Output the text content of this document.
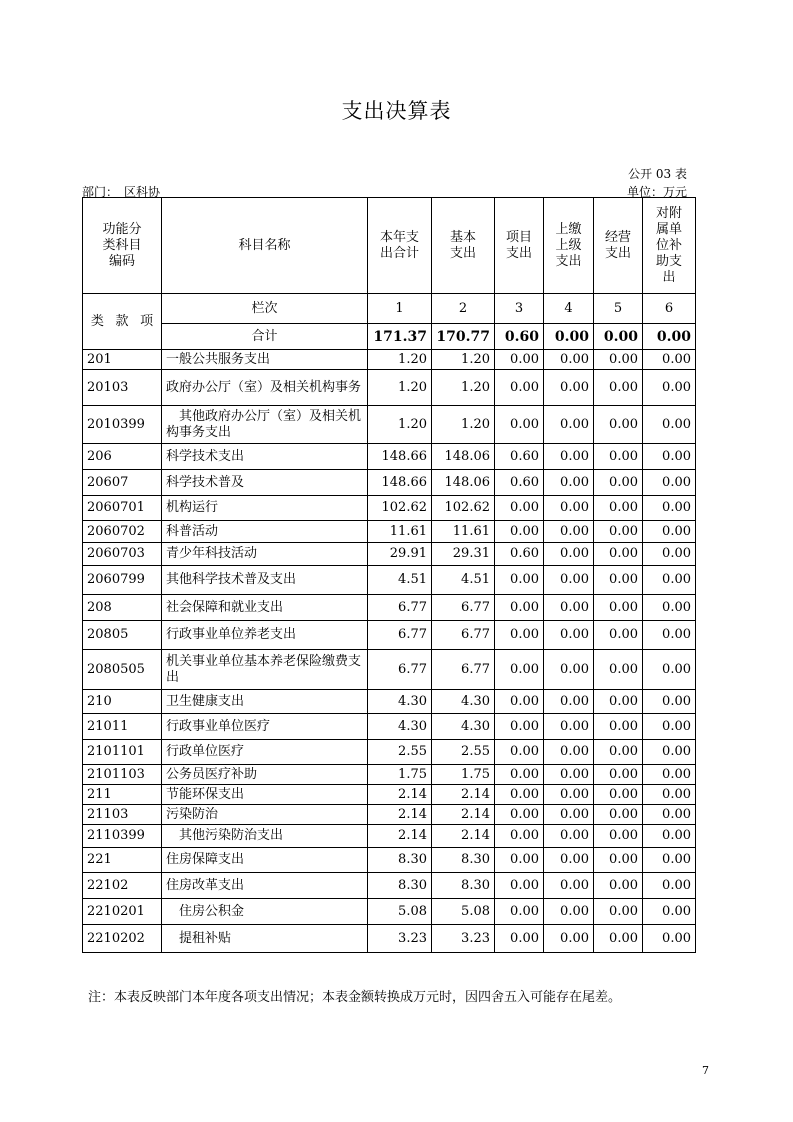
支出决算表
公开 03 表
部门：　区科协	单位：万元
功能分类科目编码	科目名称	本年支出合计	基本支出	项目支出	上缴上级支出	经营支出	对附属单位补助支出

类 款 项	栏次	1	2	3	4	5	6
	合计	171.37	170.77	0.60	0.00	0.00	0.00
201	一般公共服务支出	1.20	1.20	0.00	0.00	0.00	0.00
20103	政府办公厅（室）及相关机构事务	1.20	1.20	0.00	0.00	0.00	0.00
2010399	　其他政府办公厅（室）及相关机构事务支出	1.20	1.20	0.00	0.00	0.00	0.00
206	科学技术支出	148.66	148.06	0.60	0.00	0.00	0.00
20607	科学技术普及	148.66	148.06	0.60	0.00	0.00	0.00
2060701	机构运行	102.62	102.62	0.00	0.00	0.00	0.00
2060702	科普活动	11.61	11.61	0.00	0.00	0.00	0.00
2060703	青少年科技活动	29.91	29.31	0.60	0.00	0.00	0.00
2060799	其他科学技术普及支出	4.51	4.51	0.00	0.00	0.00	0.00
208	社会保障和就业支出	6.77	6.77	0.00	0.00	0.00	0.00
20805	行政事业单位养老支出	6.77	6.77	0.00	0.00	0.00	0.00
2080505	机关事业单位基本养老保险缴费支出	6.77	6.77	0.00	0.00	0.00	0.00
210	卫生健康支出	4.30	4.30	0.00	0.00	0.00	0.00
21011	行政事业单位医疗	4.30	4.30	0.00	0.00	0.00	0.00
2101101	行政单位医疗	2.55	2.55	0.00	0.00	0.00	0.00
2101103	公务员医疗补助	1.75	1.75	0.00	0.00	0.00	0.00
211	节能环保支出	2.14	2.14	0.00	0.00	0.00	0.00
21103	污染防治	2.14	2.14	0.00	0.00	0.00	0.00
2110399	　其他污染防治支出	2.14	2.14	0.00	0.00	0.00	0.00
221	住房保障支出	8.30	8.30	0.00	0.00	0.00	0.00
22102	住房改革支出	8.30	8.30	0.00	0.00	0.00	0.00
2210201	　住房公积金	5.08	5.08	0.00	0.00	0.00	0.00
2210202	　提租补贴	3.23	3.23	0.00	0.00	0.00	0.00
注：本表反映部门本年度各项支出情况；本表金额转换成万元时，因四舍五入可能存在尾差。
7
